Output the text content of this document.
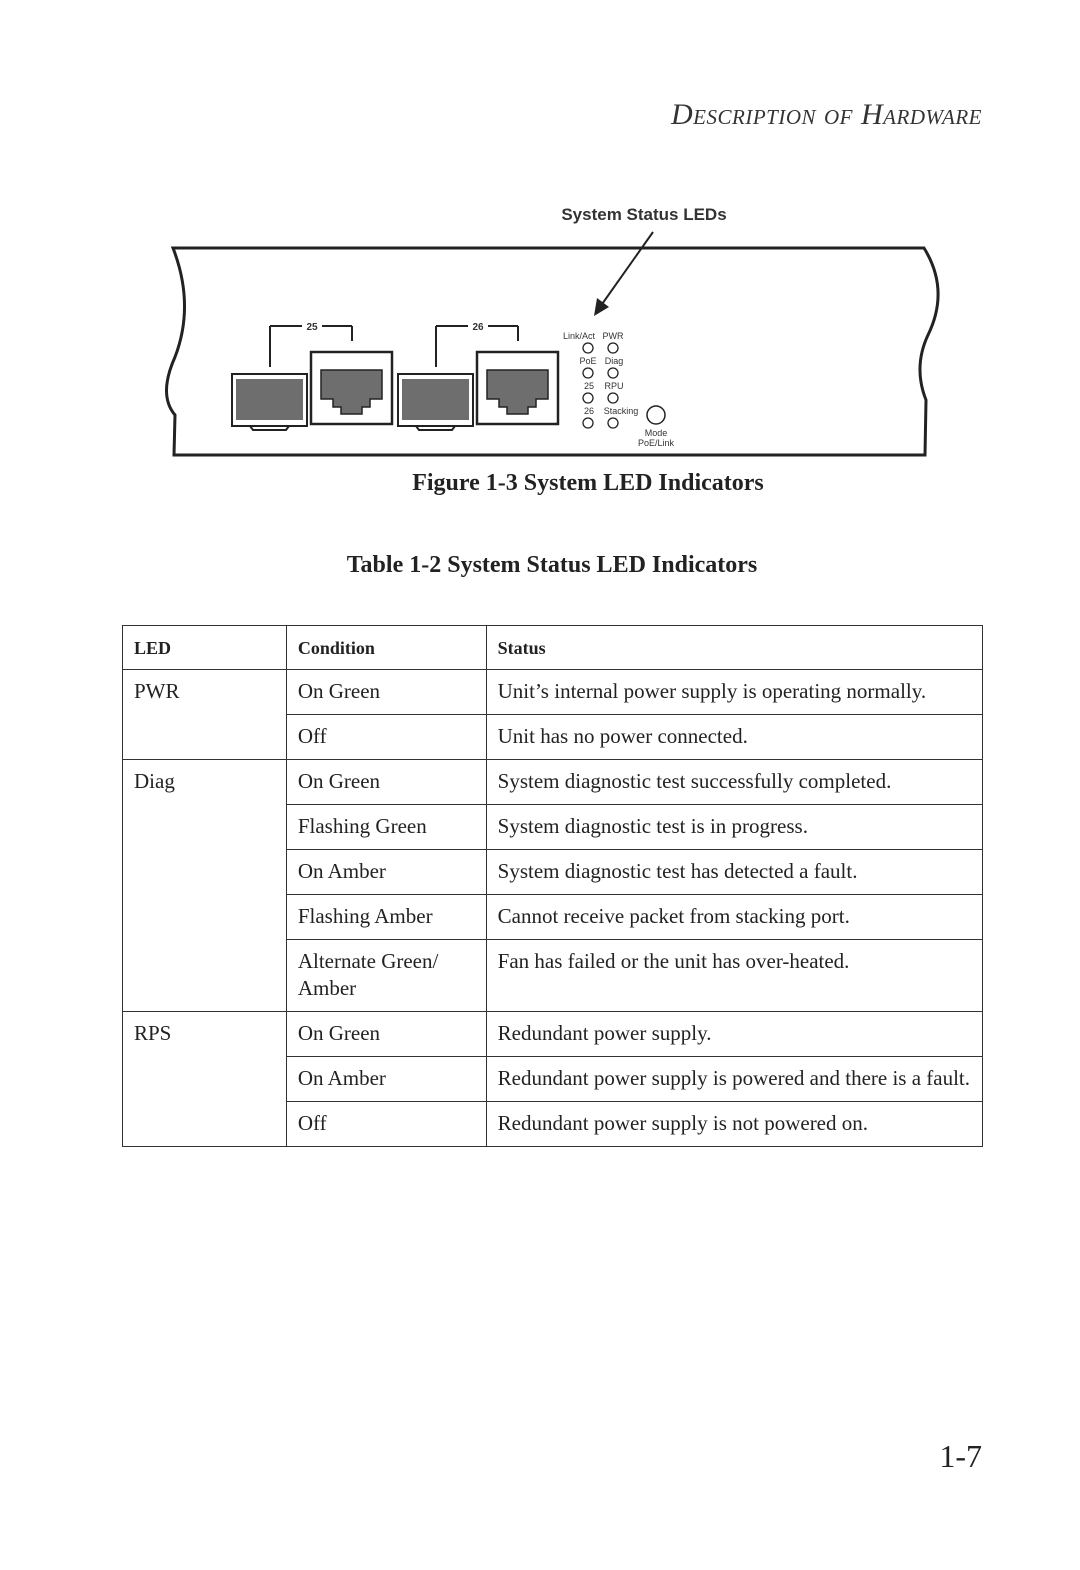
Description of Hardware
System Status LEDs
25	26
Link/Act PWR
PoE Diag
25 RPU
26 Stacking
Mode
PoE/Link
Figure 1-3 System LED Indicators
Table 1-2 System Status LED Indicators
LED	Condition	Status
PWR	On Green	Unit’s internal power supply is operating normally.
	Off	Unit has no power connected.
Diag	On Green	System diagnostic test successfully completed.
	Flashing Green	System diagnostic test is in progress.
	On Amber	System diagnostic test has detected a fault.
	Flashing Amber	Cannot receive packet from stacking port.
	Alternate Green/ Amber	Fan has failed or the unit has over-heated.
RPS	On Green	Redundant power supply.
	On Amber	Redundant power supply is powered and there is a fault.
	Off	Redundant power supply is not powered on.
1-7
